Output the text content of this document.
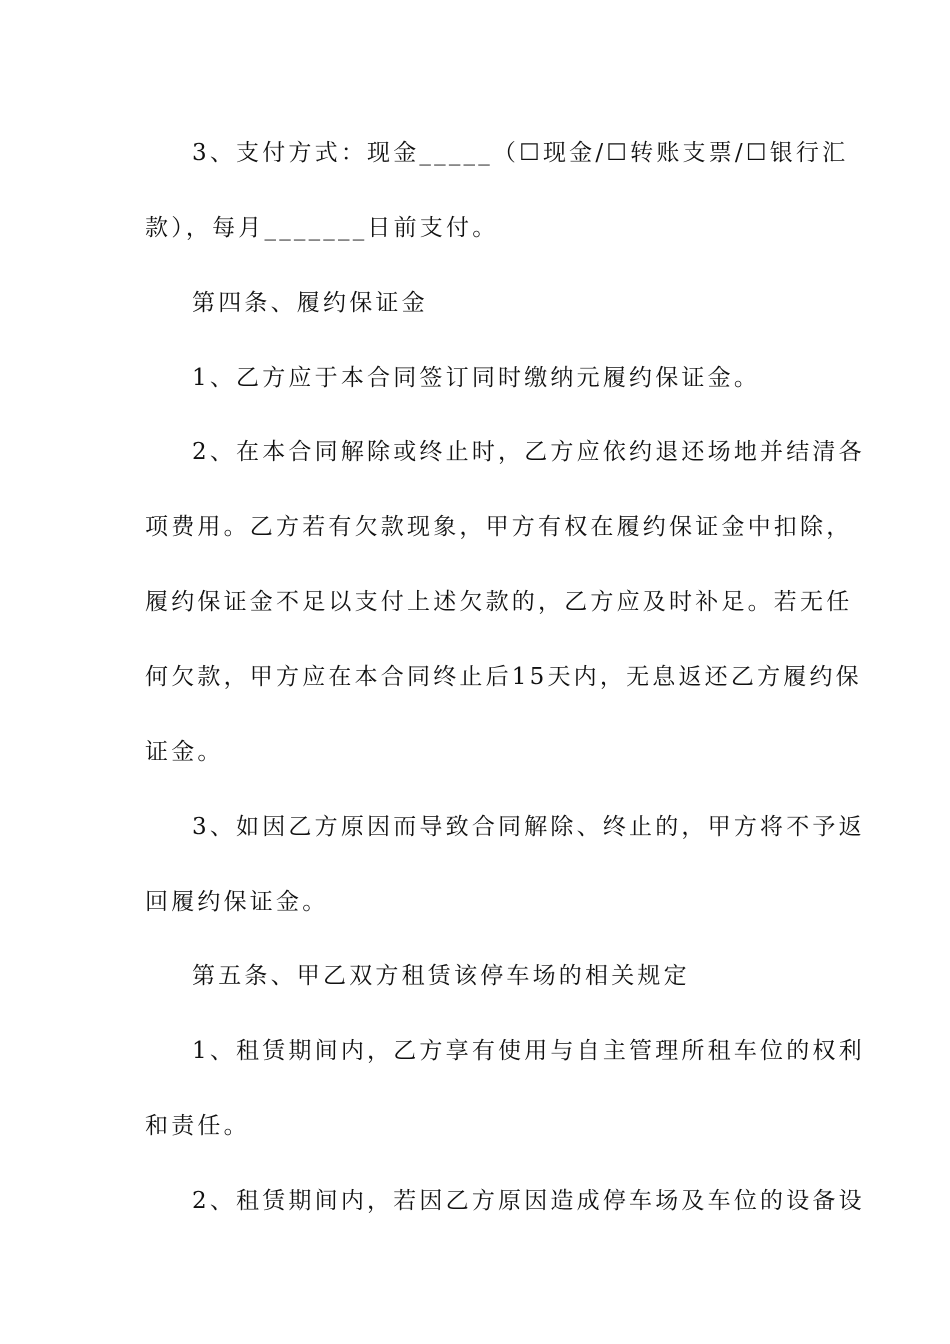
3、支付方式：现金_____（☐现金/☐转账支票/☐银行汇
款），每月_______日前支付。
第四条、履约保证金
1、乙方应于本合同签订同时缴纳元履约保证金。
2、在本合同解除或终止时，乙方应依约退还场地并结清各
项费用。乙方若有欠款现象，甲方有权在履约保证金中扣除，
履约保证金不足以支付上述欠款的，乙方应及时补足。若无任
何欠款，甲方应在本合同终止后15天内，无息返还乙方履约保
证金。
3、如因乙方原因而导致合同解除、终止的，甲方将不予返
回履约保证金。
第五条、甲乙双方租赁该停车场的相关规定
1、租赁期间内，乙方享有使用与自主管理所租车位的权利
和责任。
2、租赁期间内，若因乙方原因造成停车场及车位的设备设
